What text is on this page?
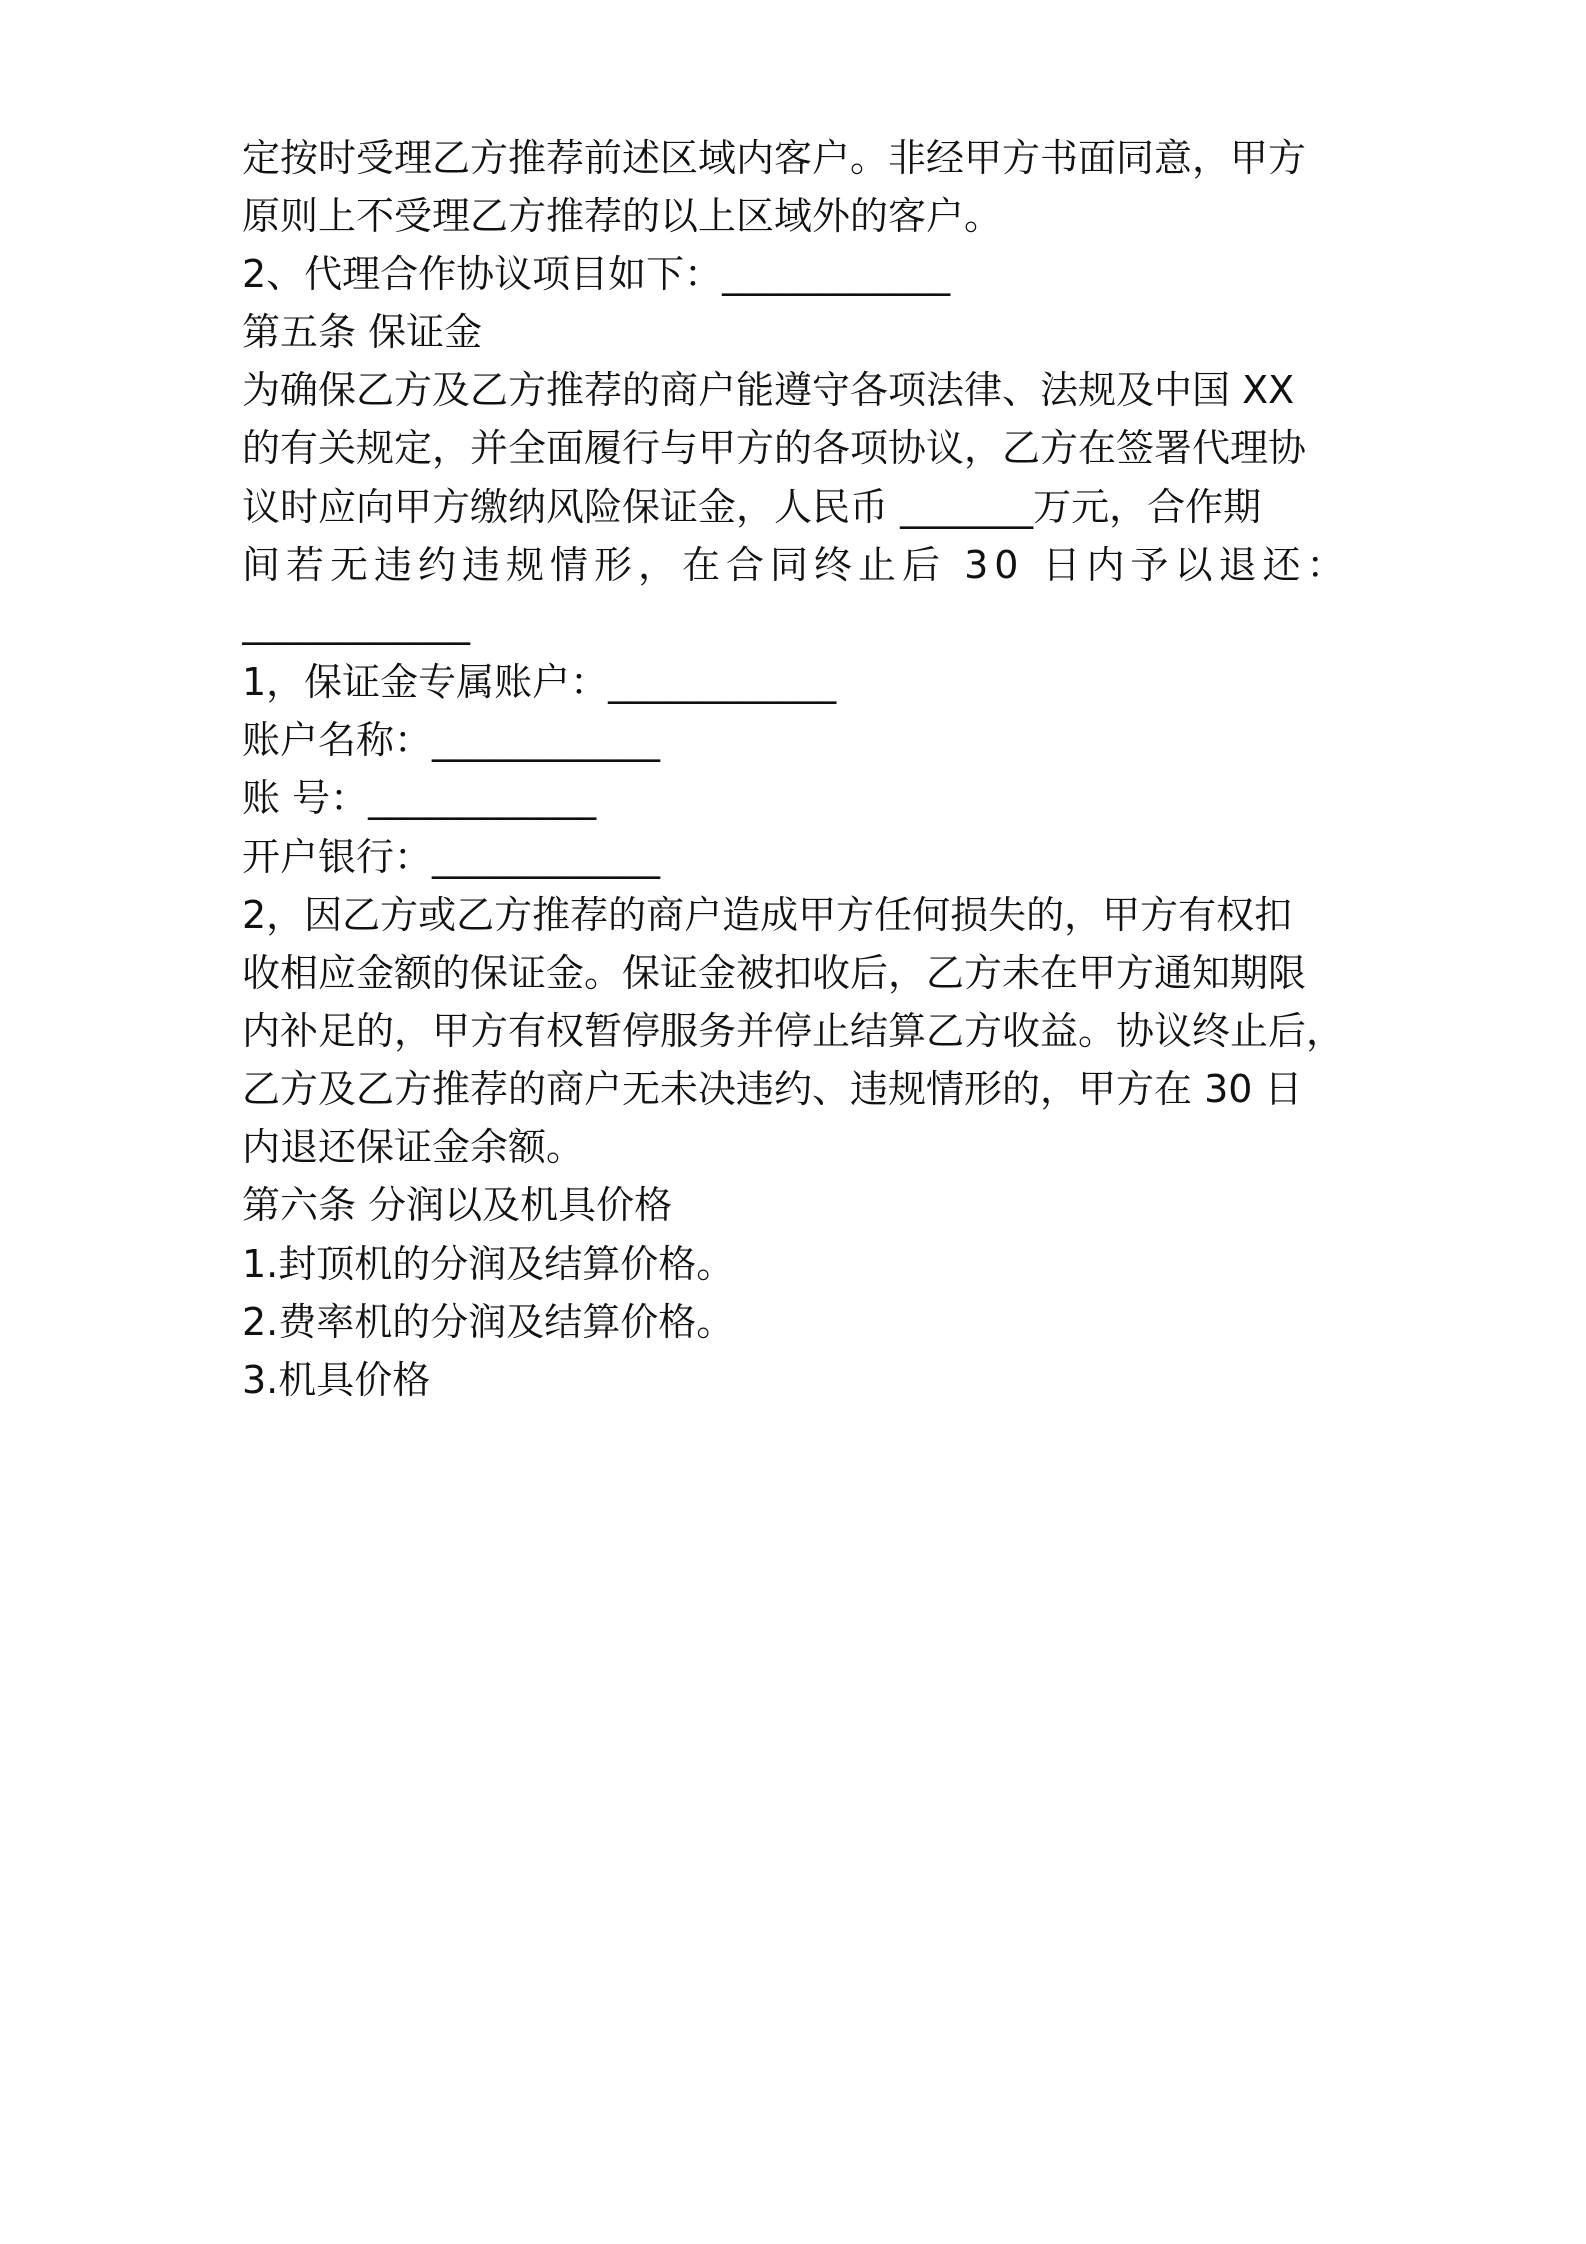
定按时受理乙方推荐前述区域内客户。非经甲方书面同意，甲方
原则上不受理乙方推荐的以上区域外的客户。
2、代理合作协议项目如下：____________
第五条 保证金
为确保乙方及乙方推荐的商户能遵守各项法律、法规及中国 XX
的有关规定，并全面履行与甲方的各项协议，乙方在签署代理协
议时应向甲方缴纳风险保证金，人民币 _______万元，合作期
间若无违约违规情形，在合同终止后 30 日内予以退还：
____________
1，保证金专属账户：____________
账户名称：____________
账 号：____________
开户银行：____________
2，因乙方或乙方推荐的商户造成甲方任何损失的，甲方有权扣
收相应金额的保证金。保证金被扣收后，乙方未在甲方通知期限
内补足的，甲方有权暂停服务并停止结算乙方收益。协议终止后，
乙方及乙方推荐的商户无未决违约、违规情形的，甲方在 30 日
内退还保证金余额。
第六条 分润以及机具价格
1.封顶机的分润及结算价格。
2.费率机的分润及结算价格。
3.机具价格
